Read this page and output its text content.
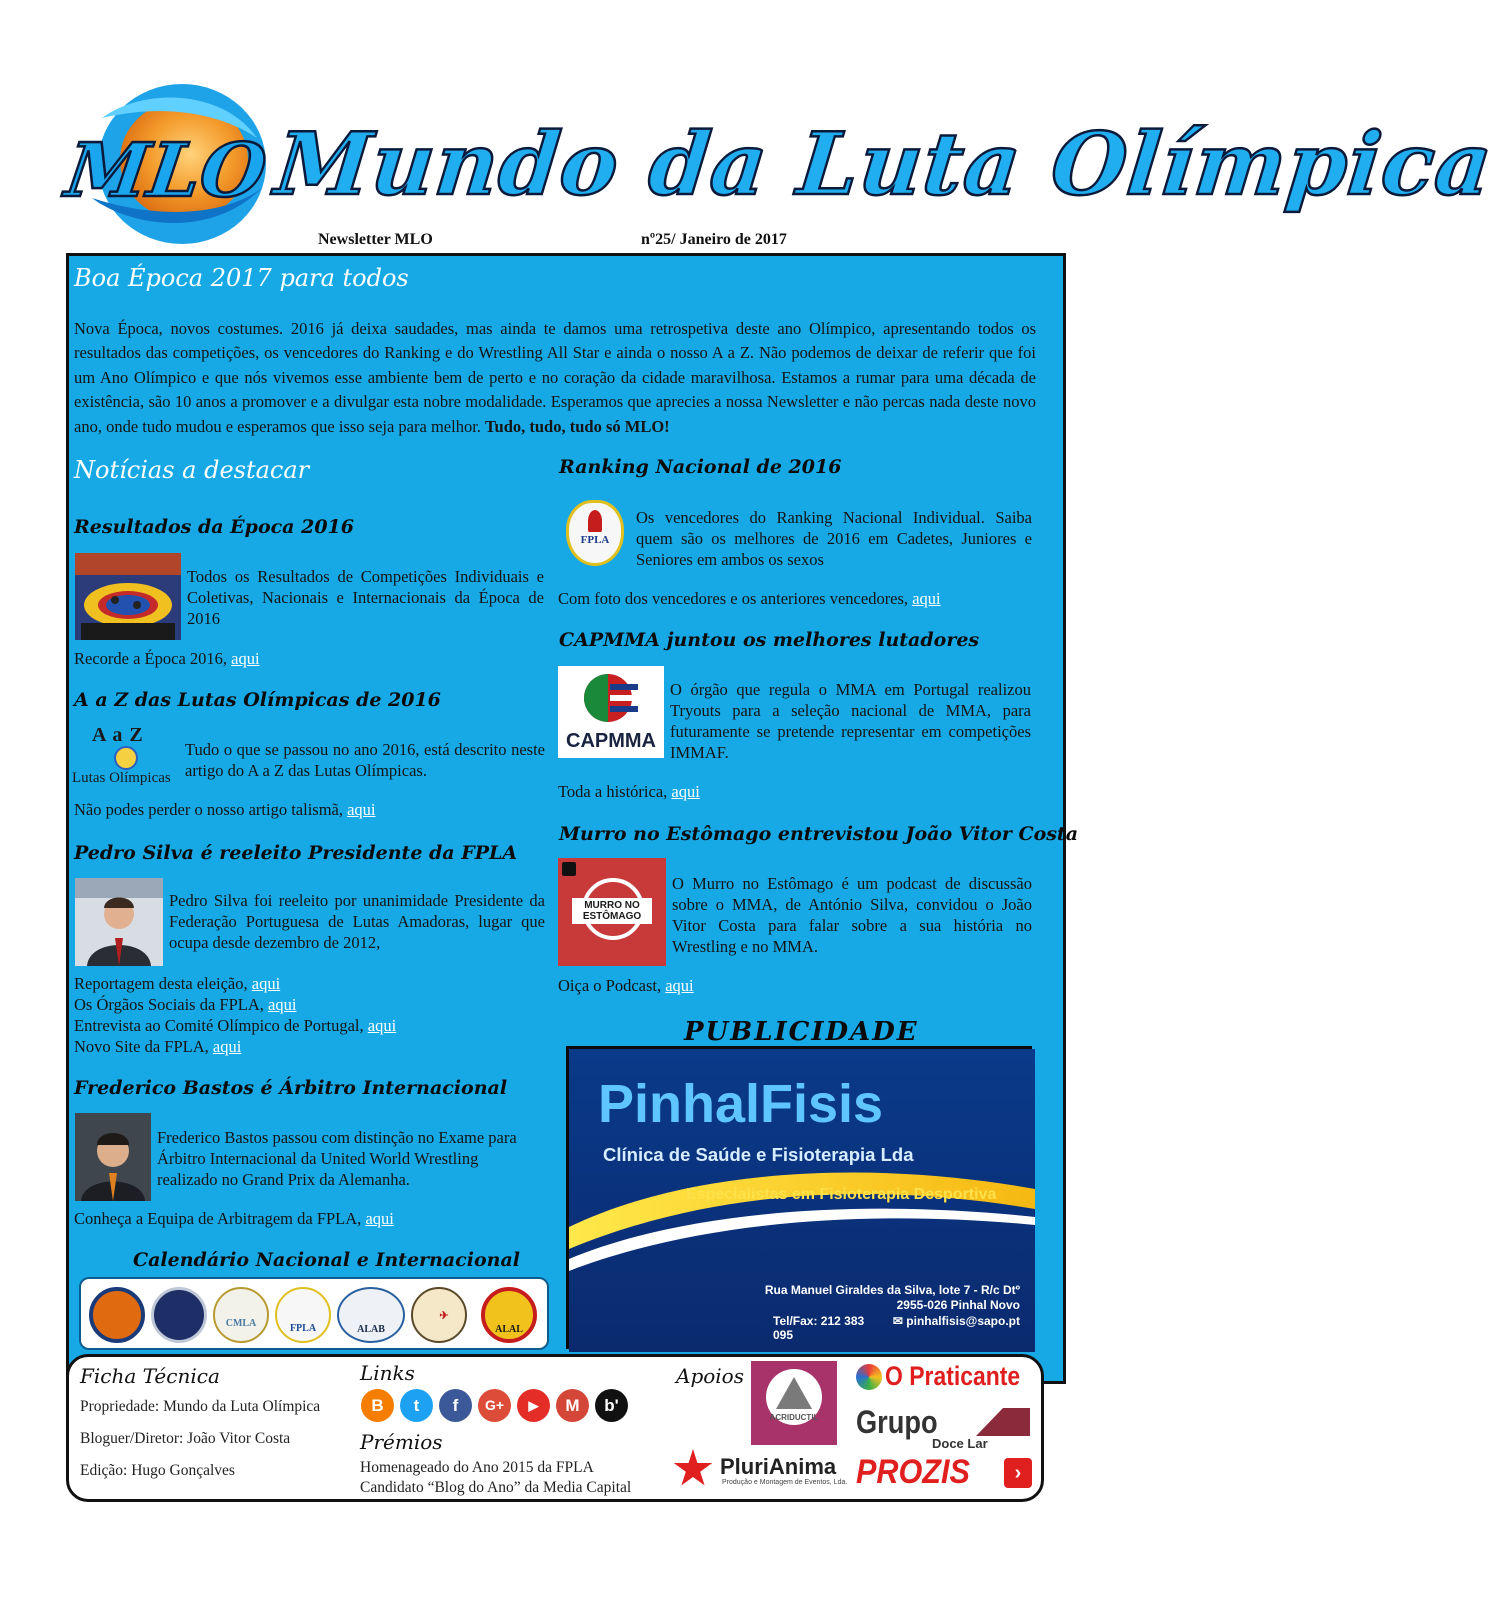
MLO Mundo da Luta Olímpica
Newsletter MLO	nº25/ Janeiro de 2017
Boa Época 2017 para todos
Nova Época, novos costumes. 2016 já deixa saudades, mas ainda te damos uma retrospetiva deste ano Olímpico, apresentando todos os resultados das competições, os vencedores do Ranking e do Wrestling All Star e ainda o nosso A a Z. Não podemos de deixar de referir que foi um Ano Olímpico e que nós vivemos esse ambiente bem de perto e no coração da cidade maravilhosa. Estamos a rumar para uma década de existência, são 10 anos a promover e a divulgar esta nobre modalidade. Esperamos que aprecies a nossa Newsletter e não percas nada deste novo ano, onde tudo mudou e esperamos que isso seja para melhor. Tudo, tudo, tudo só MLO!
Notícias a destacar
Resultados da Época 2016
Todos os Resultados de Competições Individuais e Coletivas, Nacionais e Internacionais da Época de 2016
Recorde a Época 2016, aqui
A a Z das Lutas Olímpicas de 2016
A a Z
Lutas Olímpicas
Tudo o que se passou no ano 2016, está descrito neste artigo do A a Z das Lutas Olímpicas.
Não podes perder o nosso artigo talismã, aqui
Pedro Silva é reeleito Presidente da FPLA
Pedro Silva foi reeleito por unanimidade Presidente da Federação Portuguesa de Lutas Amadoras, lugar que ocupa desde dezembro de 2012,
Reportagem desta eleição, aqui
Os Órgãos Sociais da FPLA, aqui
Entrevista ao Comité Olímpico de Portugal, aqui
Novo Site da FPLA, aqui
Frederico Bastos é Árbitro Internacional
Frederico Bastos passou com distinção no Exame para Árbitro Internacional da United World Wrestling realizado no Grand Prix da Alemanha.
Conheça a Equipa de Arbitragem da FPLA, aqui
Calendário Nacional e Internacional
CMLA	FPLA	ALAB
✈
ALAL
Ranking Nacional de 2016
FPLA
Os vencedores do Ranking Nacional Individual. Saiba quem são os melhores de 2016 em Cadetes, Juniores e Seniores em ambos os sexos
Com foto dos vencedores e os anteriores vencedores, aqui
CAPMMA juntou os melhores lutadores
CAPMMA
O órgão que regula o MMA em Portugal realizou Tryouts para a seleção nacional de MMA, para futuramente se pretende representar em competições IMMAF.
Toda a histórica, aqui
Murro no Estômago entrevistou João Vitor Costa
MURRO NO
ESTÔMAGO
O Murro no Estômago é um podcast de discussão sobre o MMA, de António Silva, convidou o João Vitor Costa para falar sobre a sua história no Wrestling e no MMA.
Oiça o Podcast, aqui
PUBLICIDADE
PinhalFisis
Clínica de Saúde e Fisioterapia Lda
Especialistas em Fisioterapia Desportiva
Rua Manuel Giraldes da Silva, lote 7 - R/c Dtº
2955-026 Pinhal Novo
Tel/Fax: 212 383 095
✉ pinhalfisis@sapo.pt
Ficha Técnica
Propriedade: Mundo da Luta Olímpica
Bloguer/Diretor: João Vitor Costa
Edição: Hugo Gonçalves
Links
B	t	f	G+	▶	M	b'
Prémios
Homenageado do Ano 2015 da FPLA
Candidato “Blog do Ano” da Media Capital
Apoios
ACRIDUCTIL
O Praticante
Grupo
Doce Lar
PluriAnima
Produção e Montagem de Eventos, Lda. PROZIS	›
